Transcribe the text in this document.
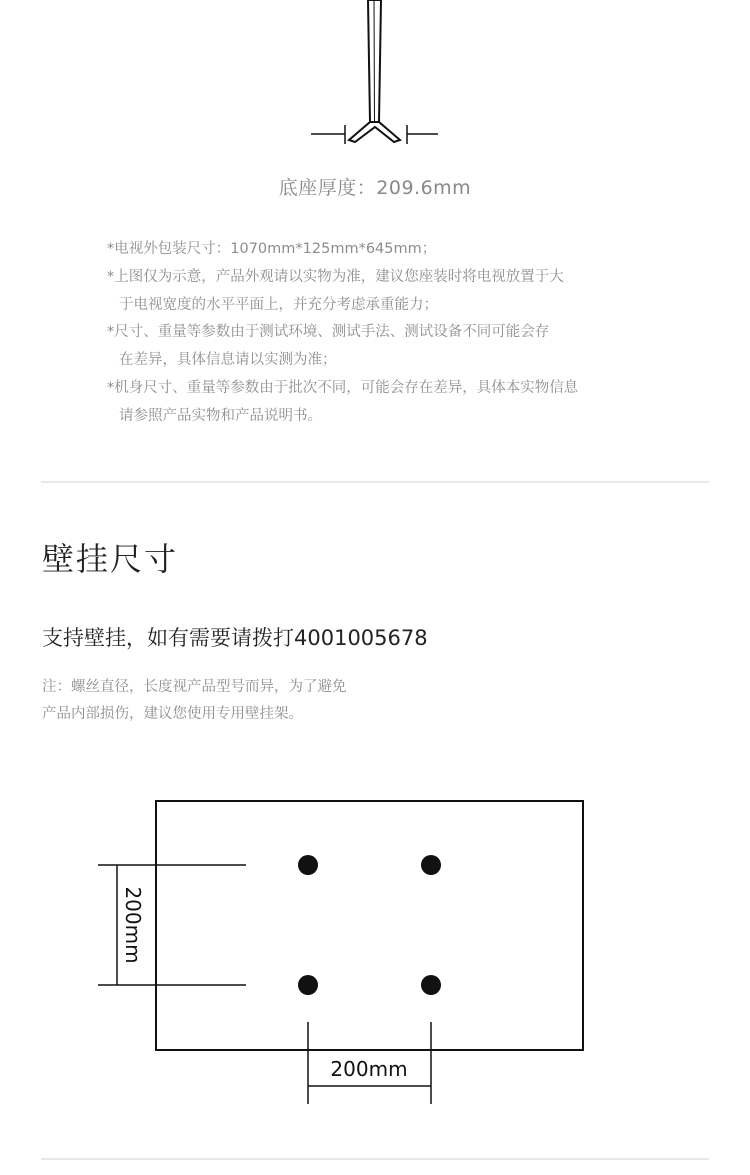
底座厚度：209.6mm
*电视外包装尺寸：1070mm*125mm*645mm；
*上图仅为示意，产品外观请以实物为准，建议您座装时将电视放置于大
于电视宽度的水平平面上，并充分考虑承重能力；
*尺寸、重量等参数由于测试环境、测试手法、测试设备不同可能会存
在差异，具体信息请以实测为准；
*机身尺寸、重量等参数由于批次不同，可能会存在差异，具体本实物信息
请参照产品实物和产品说明书。
壁挂尺寸
支持壁挂，如有需要请拨打4001005678
注：螺丝直径，长度视产品型号而异，为了避免
产品内部损伤，建议您使用专用壁挂架。
200mm
200mm
